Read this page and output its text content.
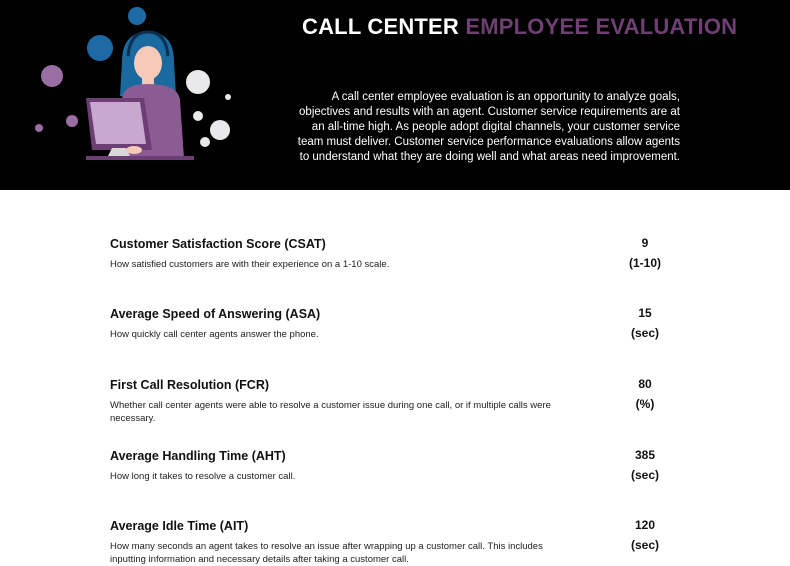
CALL CENTER EMPLOYEE EVALUATION
A call center employee evaluation is an opportunity to analyze goals, objectives and results with an agent. Customer service requirements are at an all-time high. As people adopt digital channels, your customer service team must deliver. Customer service performance evaluations allow agents to understand what they are doing well and what areas need improvement.
Customer Satisfaction Score (CSAT)
How satisfied customers are with their experience on a 1-10 scale.
9
(1-10)
Average Speed of Answering (ASA)
How quickly call center agents answer the phone.
15
(sec)
First Call Resolution (FCR)
Whether call center agents were able to resolve a customer issue during one call, or if multiple calls were necessary.
80
(%)
Average Handling Time (AHT)
How long it takes to resolve a customer call.
385
(sec)
Average Idle Time (AIT)
How many seconds an agent takes to resolve an issue after wrapping up a customer call. This includes inputting information and necessary details after taking a customer call.
120
(sec)
